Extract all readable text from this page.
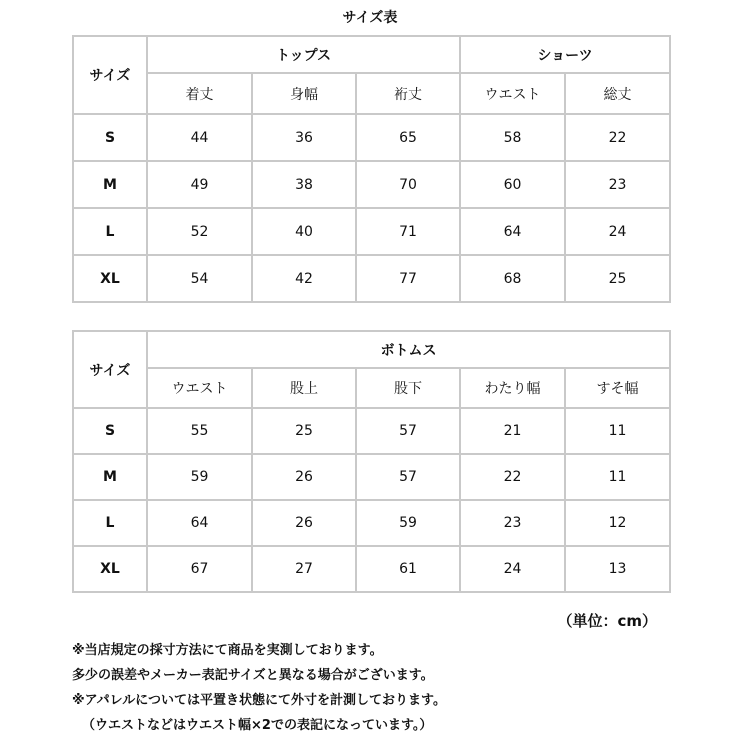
サイズ表
サイズ	トップス			ショーツ	
	着丈	身幅	裄丈	ウエスト	総丈
S	44	36	65	58	22
M	49	38	70	60	23
L	52	40	71	64	24
XL	54	42	77	68	25
サイズ	ボトムス				
	ウエスト	股上	股下	わたり幅	すそ幅
S	55	25	57	21	11
M	59	26	57	22	11
L	64	26	59	23	12
XL	67	27	61	24	13
（単位：cm）
※当店規定の採寸方法にて商品を実測しております。
多少の誤差やメーカー表記サイズと異なる場合がございます。
※アパレルについては平置き状態にて外寸を計測しております。
（ウエストなどはウエスト幅×2での表記になっています。）
